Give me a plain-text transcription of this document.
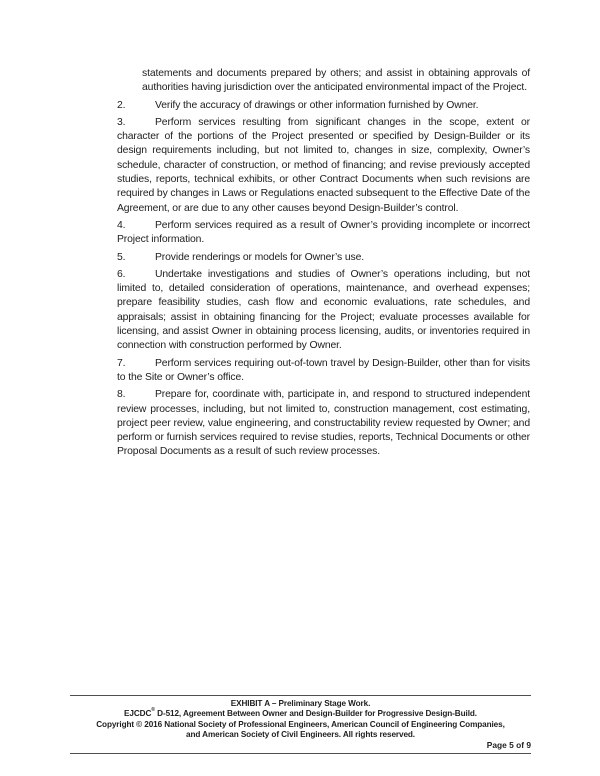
statements and documents prepared by others; and assist in obtaining approvals of authorities having jurisdiction over the anticipated environmental impact of the Project.

2.	Verify the accuracy of drawings or other information furnished by Owner.

3.	Perform services resulting from significant changes in the scope, extent or character of the portions of the Project presented or specified by Design-Builder or its design requirements including, but not limited to, changes in size, complexity, Owner’s schedule, character of construction, or method of financing; and revise previously accepted studies, reports, technical exhibits, or other Contract Documents when such revisions are required by changes in Laws or Regulations enacted subsequent to the Effective Date of the Agreement, or are due to any other causes beyond Design-Builder’s control.

4.	Perform services required as a result of Owner’s providing incomplete or incorrect Project information.

5.	Provide renderings or models for Owner’s use.

6.	Undertake investigations and studies of Owner’s operations including, but not limited to, detailed consideration of operations, maintenance, and overhead expenses; prepare feasibility studies, cash flow and economic evaluations, rate schedules, and appraisals; assist in obtaining financing for the Project; evaluate processes available for licensing, and assist Owner in obtaining process licensing, audits, or inventories required in connection with construction performed by Owner.

7.	Perform services requiring out-of-town travel by Design-Builder, other than for visits to the Site or Owner’s office.

8.	Prepare for, coordinate with, participate in, and respond to structured independent review processes, including, but not limited to, construction management, cost estimating, project peer review, value engineering, and constructability review requested by Owner; and perform or furnish services required to revise studies, reports, Technical Documents or other Proposal Documents as a result of such review processes.

EXHIBIT A – Preliminary Stage Work.
EJCDC® D-512, Agreement Between Owner and Design-Builder for Progressive Design-Build.
Copyright © 2016 National Society of Professional Engineers, American Council of Engineering Companies,
and American Society of Civil Engineers. All rights reserved.
Page 5 of 9
